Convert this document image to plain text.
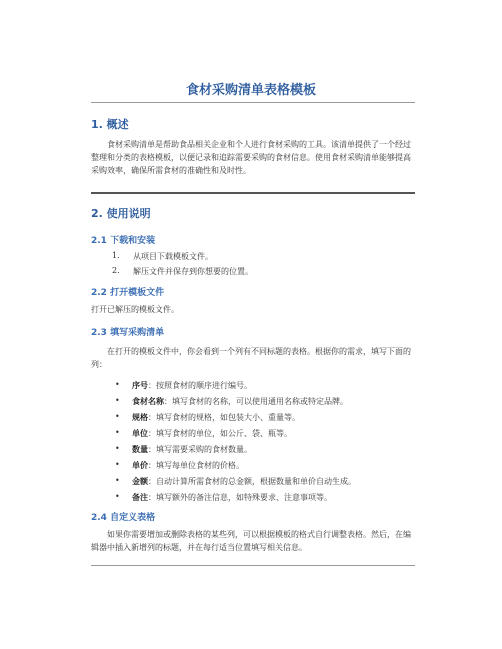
食材采购清单表格模板
1. 概述
食材采购清单是帮助食品相关企业和个人进行食材采购的工具。该清单提供了一个经过整理和分类的表格模板，以便记录和追踪需要采购的食材信息。使用食材采购清单能够提高采购效率，确保所需食材的准确性和及时性。
2. 使用说明
2.1 下载和安装
1. 从项目下载模板文件。
2. 解压文件并保存到你想要的位置。
2.2 打开模板文件
打开已解压的模板文件。
2.3 填写采购清单
在打开的模板文件中，你会看到一个列有不同标题的表格。根据你的需求，填写下面的列：
• 序号：按照食材的顺序进行编号。
• 食材名称：填写食材的名称，可以使用通用名称或特定品牌。
• 规格：填写食材的规格，如包装大小、重量等。
• 单位：填写食材的单位，如公斤、袋、瓶等。
• 数量：填写需要采购的食材数量。
• 单价：填写每单位食材的价格。
• 金额：自动计算所需食材的总金额，根据数量和单价自动生成。
• 备注：填写额外的备注信息，如特殊要求、注意事项等。
2.4 自定义表格
如果你需要增加或删除表格的某些列，可以根据模板的格式自行调整表格。然后，在编辑器中插入新增列的标题，并在每行适当位置填写相关信息。
